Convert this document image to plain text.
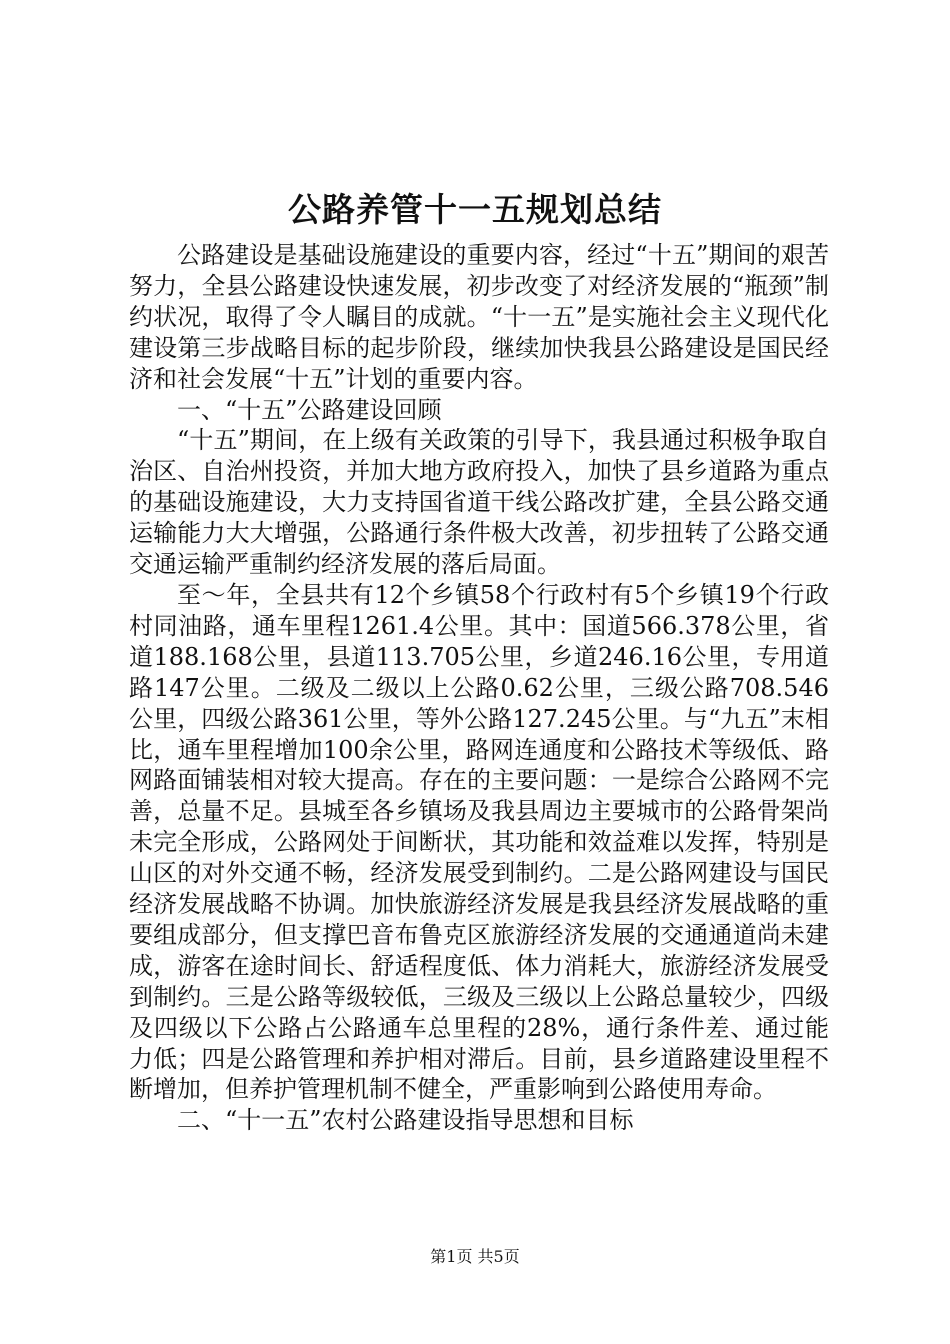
公路养管十一五规划总结

公路建设是基础设施建设的重要内容，经过“十五”期间的艰苦努力，全县公路建设快速发展，初步改变了对经济发展的“瓶颈”制约状况，取得了令人瞩目的成就。“十一五”是实施社会主义现代化建设第三步战略目标的起步阶段，继续加快我县公路建设是国民经济和社会发展“十五”计划的重要内容。

一、“十五”公路建设回顾

“十五”期间，在上级有关政策的引导下，我县通过积极争取自治区、自治州投资，并加大地方政府投入，加快了县乡道路为重点的基础设施建设，大力支持国省道干线公路改扩建，全县公路交通运输能力大大增强，公路通行条件极大改善，初步扭转了公路交通交通运输严重制约经济发展的落后局面。

至～年，全县共有12个乡镇58个行政村有5个乡镇19个行政村同油路，通车里程1261.4公里。其中：国道566.378公里，省道188.168公里，县道113.705公里，乡道246.16公里，专用道路147公里。二级及二级以上公路0.62公里，三级公路708.546公里，四级公路361公里，等外公路127.245公里。与“九五”末相比，通车里程增加100余公里，路网连通度和公路技术等级低、路网路面铺装相对较大提高。存在的主要问题：一是综合公路网不完善，总量不足。县城至各乡镇场及我县周边主要城市的公路骨架尚未完全形成，公路网处于间断状，其功能和效益难以发挥，特别是山区的对外交通不畅，经济发展受到制约。二是公路网建设与国民经济发展战略不协调。加快旅游经济发展是我县经济发展战略的重要组成部分，但支撑巴音布鲁克区旅游经济发展的交通通道尚未建成，游客在途时间长、舒适程度低、体力消耗大，旅游经济发展受到制约。三是公路等级较低，三级及三级以上公路总量较少，四级及四级以下公路占公路通车总里程的28%，通行条件差、通过能力低；四是公路管理和养护相对滞后。目前，县乡道路建设里程不断增加，但养护管理机制不健全，严重影响到公路使用寿命。

二、“十一五”农村公路建设指导思想和目标

第1页 共5页
